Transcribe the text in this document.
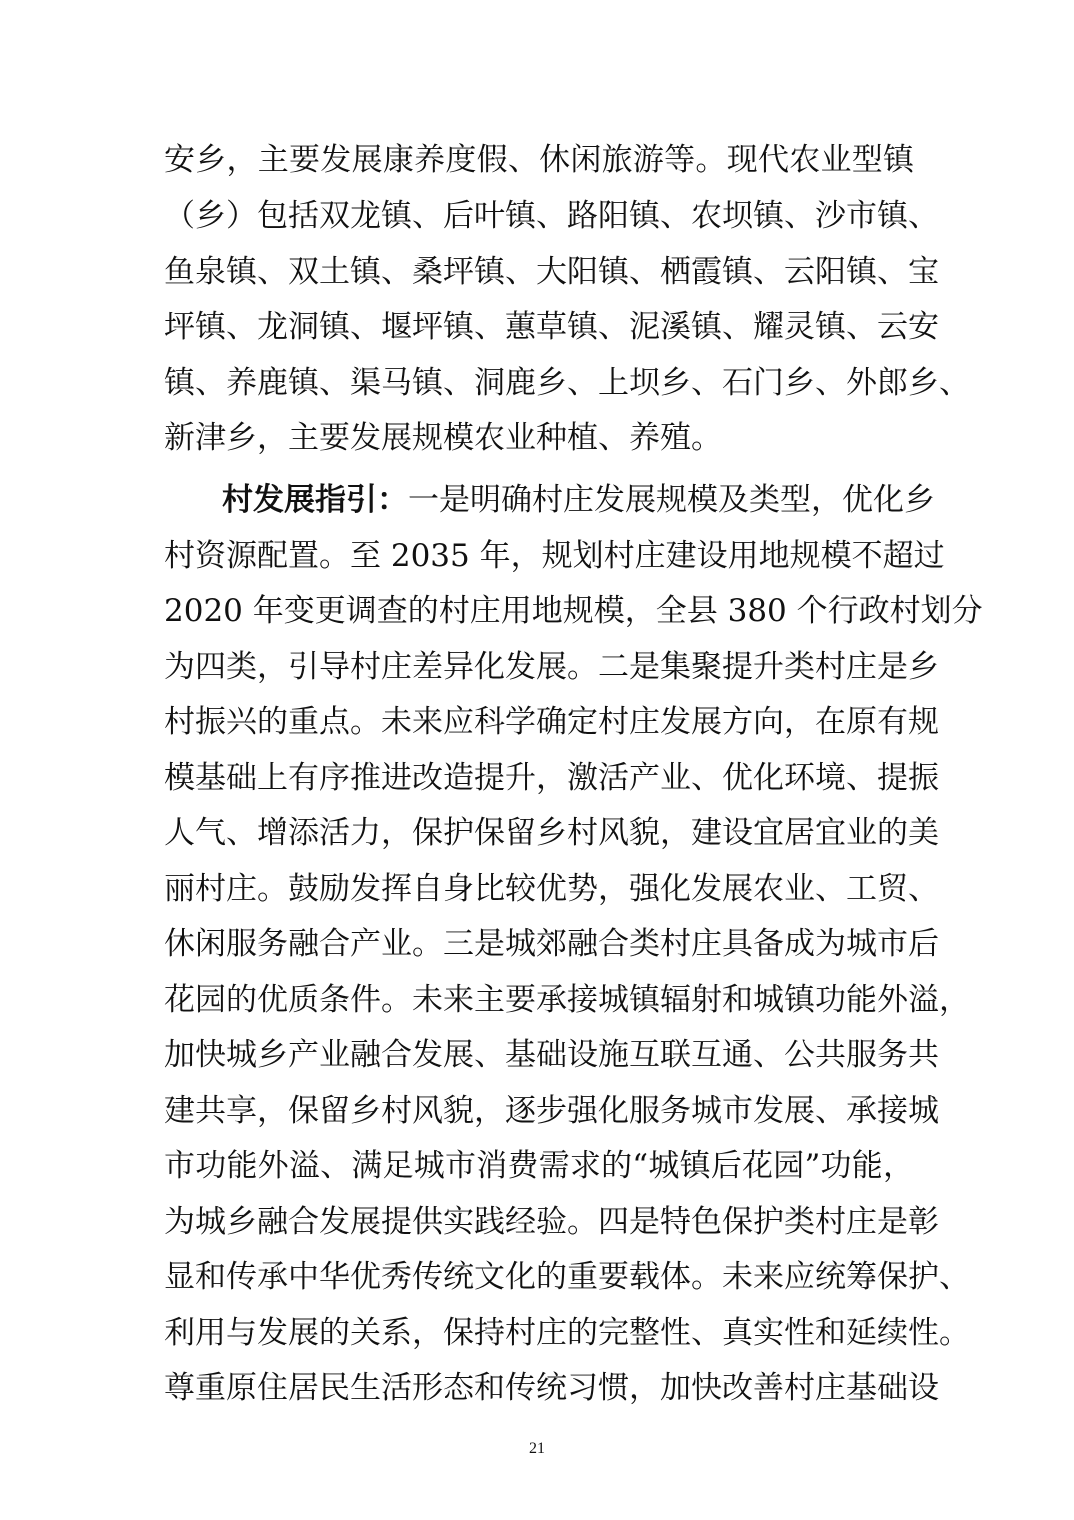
安乡，主要发展康养度假、休闲旅游等。现代农业型镇
（乡）包括双龙镇、后叶镇、路阳镇、农坝镇、沙市镇、
鱼泉镇、双土镇、桑坪镇、大阳镇、栖霞镇、云阳镇、宝
坪镇、龙洞镇、堰坪镇、蕙草镇、泥溪镇、耀灵镇、云安
镇、养鹿镇、渠马镇、洞鹿乡、上坝乡、石门乡、外郎乡、
新津乡，主要发展规模农业种植、养殖。
村发展指引：一是明确村庄发展规模及类型，优化乡
村资源配置。至 2035 年，规划村庄建设用地规模不超过
2020 年变更调查的村庄用地规模，全县 380 个行政村划分
为四类，引导村庄差异化发展。二是集聚提升类村庄是乡
村振兴的重点。未来应科学确定村庄发展方向，在原有规
模基础上有序推进改造提升，激活产业、优化环境、提振
人气、增添活力，保护保留乡村风貌，建设宜居宜业的美
丽村庄。鼓励发挥自身比较优势，强化发展农业、工贸、
休闲服务融合产业。三是城郊融合类村庄具备成为城市后
花园的优质条件。未来主要承接城镇辐射和城镇功能外溢，
加快城乡产业融合发展、基础设施互联互通、公共服务共
建共享，保留乡村风貌，逐步强化服务城市发展、承接城
市功能外溢、满足城市消费需求的“城镇后花园”功能，
为城乡融合发展提供实践经验。四是特色保护类村庄是彰
显和传承中华优秀传统文化的重要载体。未来应统筹保护、
利用与发展的关系，保持村庄的完整性、真实性和延续性。
尊重原住居民生活形态和传统习惯，加快改善村庄基础设
21
